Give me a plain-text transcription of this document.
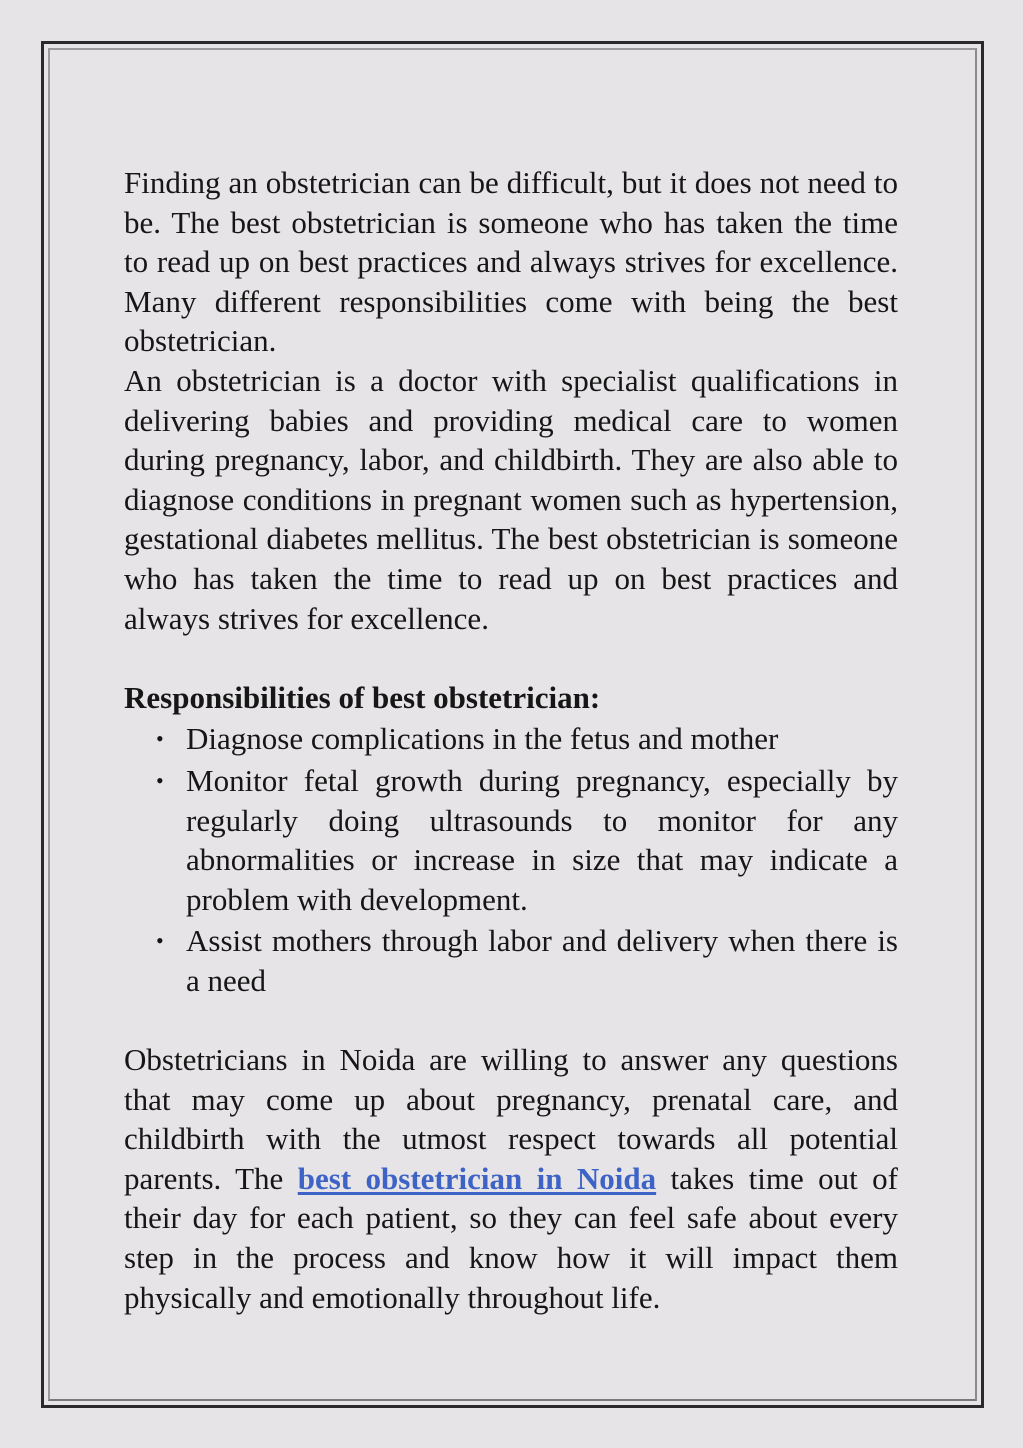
Finding an obstetrician can be difficult, but it does not need to be. The best obstetrician is someone who has taken the time to read up on best practices and always strives for excellence. Many different responsibilities come with being the best obstetrician.

An obstetrician is a doctor with specialist qualifications in delivering babies and providing medical care to women during pregnancy, labor, and childbirth. They are also able to diagnose conditions in pregnant women such as hypertension, gestational diabetes mellitus. The best obstetrician is someone who has taken the time to read up on best practices and always strives for excellence.

Responsibilities of best obstetrician:
• Diagnose complications in the fetus and mother
• Monitor fetal growth during pregnancy, especially by regularly doing ultrasounds to monitor for any abnormalities or increase in size that may indicate a problem with development.
• Assist mothers through labor and delivery when there is a need

Obstetricians in Noida are willing to answer any questions that may come up about pregnancy, prenatal care, and childbirth with the utmost respect towards all potential parents. The best obstetrician in Noida takes time out of their day for each patient, so they can feel safe about every step in the process and know how it will impact them physically and emotionally throughout life.
